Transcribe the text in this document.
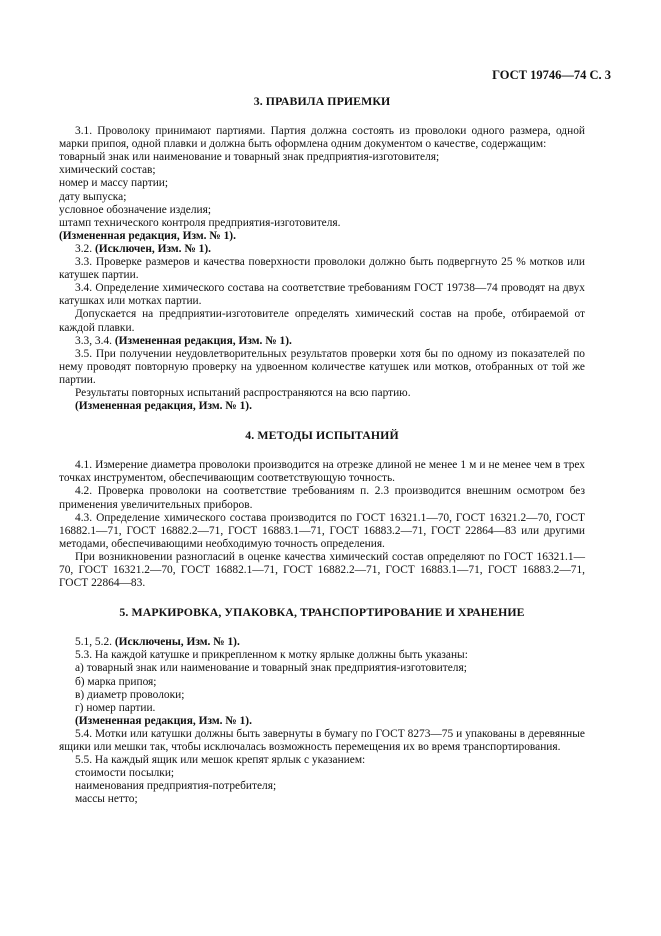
ГОСТ 19746—74 С. 3
3. ПРАВИЛА ПРИЕМКИ

3.1. Проволоку принимают партиями. Партия должна состоять из проволоки одного размера, одной марки припоя, одной плавки и должна быть оформлена одним документом о качестве, содержащим:

товарный знак или наименование и товарный знак предприятия-изготовителя;

химический состав;

номер и массу партии;

дату выпуска;

условное обозначение изделия;

штамп технического контроля предприятия-изготовителя.

(Измененная редакция, Изм. № 1).

3.2. (Исключен, Изм. № 1).

3.3. Проверке размеров и качества поверхности проволоки должно быть подвергнуто 25 % мотков или катушек партии.

3.4. Определение химического состава на соответствие требованиям ГОСТ 19738—74 проводят на двух катушках или мотках партии.

Допускается на предприятии-изготовителе определять химический состав на пробе, отбираемой от каждой плавки.

3.3, 3.4. (Измененная редакция, Изм. № 1).

3.5. При получении неудовлетворительных результатов проверки хотя бы по одному из показателей по нему проводят повторную проверку на удвоенном количестве катушек или мотков, отобранных от той же партии.

Результаты повторных испытаний распространяются на всю партию.

(Измененная редакция, Изм. № 1).

4. МЕТОДЫ ИСПЫТАНИЙ

4.1. Измерение диаметра проволоки производится на отрезке длиной не менее 1 м и не менее чем в трех точках инструментом, обеспечивающим соответствующую точность.

4.2. Проверка проволоки на соответствие требованиям п. 2.3 производится внешним осмотром без применения увеличительных приборов.

4.3. Определение химического состава производится по ГОСТ 16321.1—70, ГОСТ 16321.2—70, ГОСТ 16882.1—71, ГОСТ 16882.2—71, ГОСТ 16883.1—71, ГОСТ 16883.2—71, ГОСТ 22864—83 или другими методами, обеспечивающими необходимую точность определения.

При возникновении разногласий в оценке качества химический состав определяют по ГОСТ 16321.1—70, ГОСТ 16321.2—70, ГОСТ 16882.1—71, ГОСТ 16882.2—71, ГОСТ 16883.1—71, ГОСТ 16883.2—71, ГОСТ 22864—83.

5. МАРКИРОВКА, УПАКОВКА, ТРАНСПОРТИРОВАНИЕ И ХРАНЕНИЕ

5.1, 5.2. (Исключены, Изм. № 1).

5.3. На каждой катушке и прикрепленном к мотку ярлыке должны быть указаны:

а) товарный знак или наименование и товарный знак предприятия-изготовителя;

б) марка припоя;

в) диаметр проволоки;

г) номер партии.

(Измененная редакция, Изм. № 1).

5.4. Мотки или катушки должны быть завернуты в бумагу по ГОСТ 8273—75 и упакованы в деревянные ящики или мешки так, чтобы исключалась возможность перемещения их во время транспортирования.

5.5. На каждый ящик или мешок крепят ярлык с указанием:

стоимости посылки;

наименования предприятия-потребителя;

массы нетто;
